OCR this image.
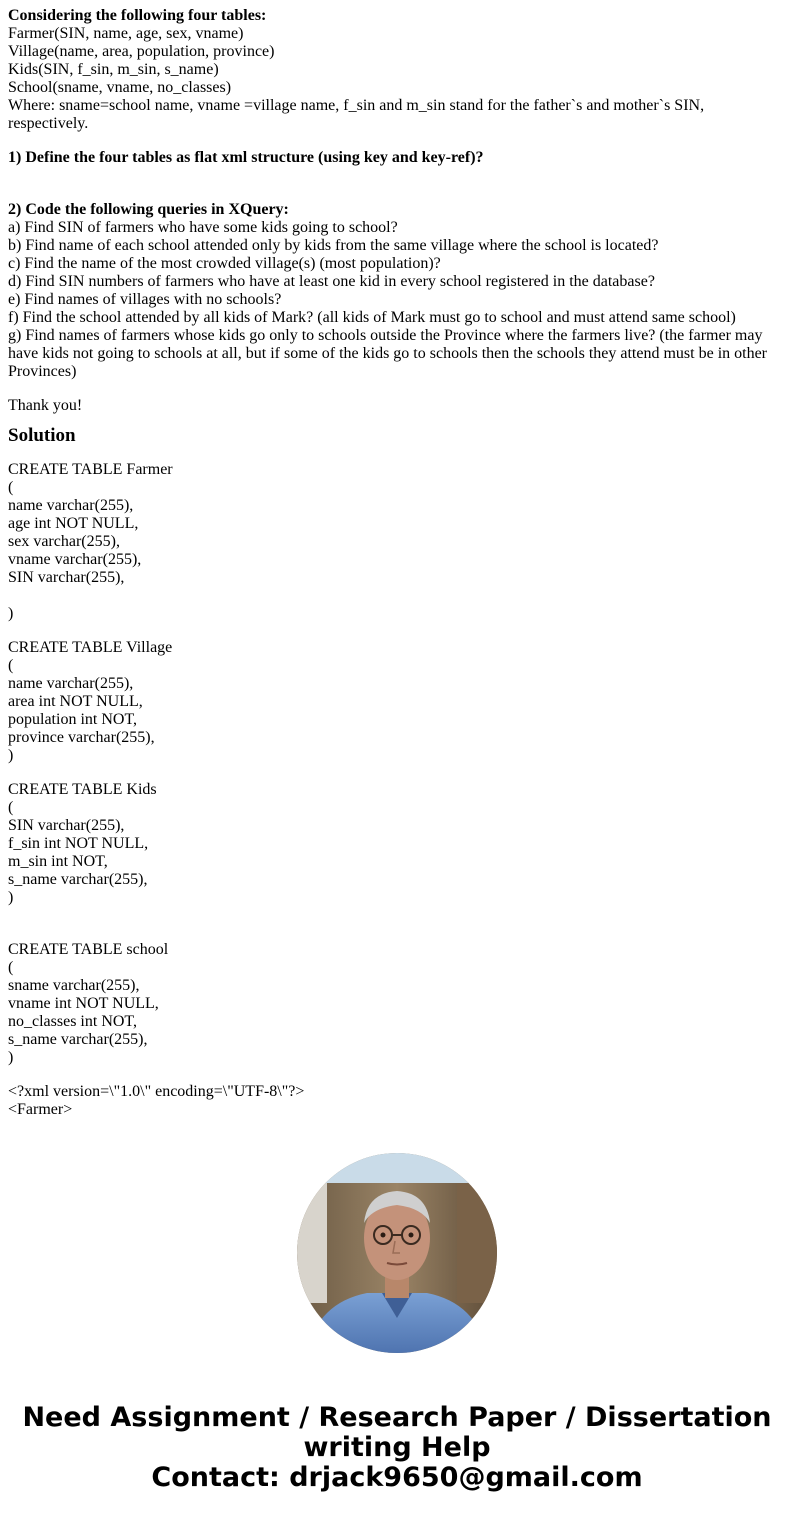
Considering the following four tables:
Farmer(SIN, name, age, sex, vname)
Village(name, area, population, province)
Kids(SIN, f_sin, m_sin, s_name)
School(sname, vname, no_classes)
Where: sname=school name, vname =village name, f_sin and m_sin stand for the father`s and mother`s SIN, respectively.
1) Define the four tables as flat xml structure (using key and key-ref)?
2) Code the following queries in XQuery:
a) Find SIN of farmers who have some kids going to school?
b) Find name of each school attended only by kids from the same village where the school is located?
c) Find the name of the most crowded village(s) (most population)?
d) Find SIN numbers of farmers who have at least one kid in every school registered in the database?
e) Find names of villages with no schools?
f) Find the school attended by all kids of Mark? (all kids of Mark must go to school and must attend same school)
g) Find names of farmers whose kids go only to schools outside the Province where the farmers live? (the farmer may have kids not going to schools at all, but if some of the kids go to schools then the schools they attend must be in other Provinces)
Thank you!
Solution
CREATE TABLE Farmer
(
name varchar(255),
age int NOT NULL,
sex varchar(255),
vname varchar(255),
SIN varchar(255),
)
CREATE TABLE Village
(
name varchar(255),
area int NOT NULL,
population int NOT,
province varchar(255),
)
CREATE TABLE Kids
(
SIN varchar(255),
f_sin int NOT NULL,
m_sin int NOT,
s_name varchar(255),
)
CREATE TABLE school
(
sname varchar(255),
vname int NOT NULL,
no_classes int NOT,
s_name varchar(255),
)
<?xml version=\"1.0\" encoding=\"UTF-8\"?>
<Farmer>
Need Assignment / Research Paper / Dissertation
writing Help
Contact: drjack9650@gmail.com
